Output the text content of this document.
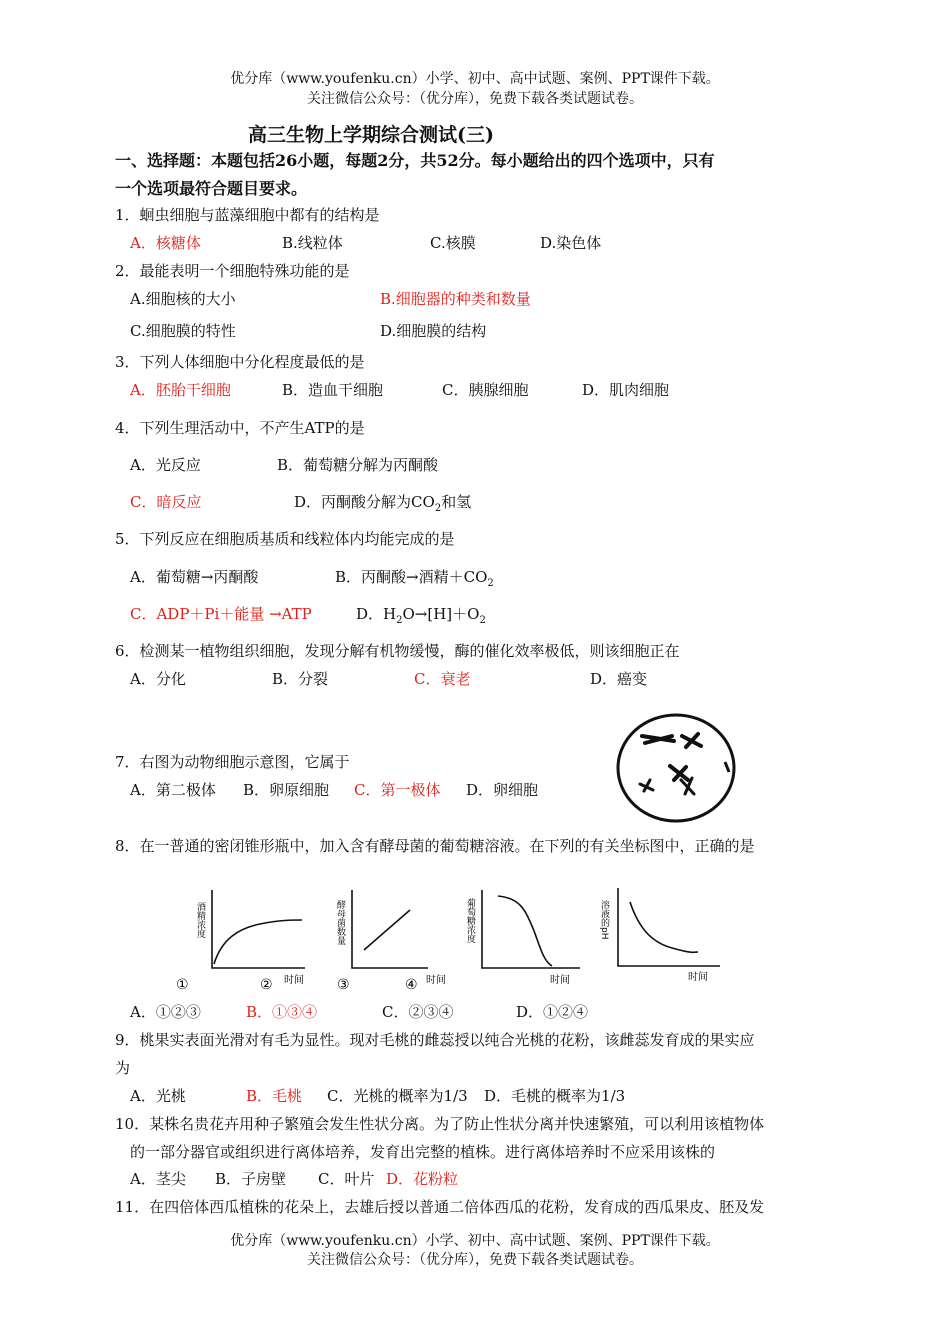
优分库（www.youfenku.cn）小学、初中、高中试题、案例、PPT课件下载。
关注微信公众号：（优分库），免费下载各类试题试卷。
高三生物上学期综合测试(三)
一、选择题：本题包括26小题，每题2分，共52分。每小题给出的四个选项中，只有
一个选项最符合题目要求。
1．蛔虫细胞与蓝藻细胞中都有的结构是
A．核糖体	B.线粒体	C.核膜	D.染色体
2．最能表明一个细胞特殊功能的是
A.细胞核的大小	B.细胞器的种类和数量
C.细胞膜的特性	D.细胞膜的结构
3．下列人体细胞中分化程度最低的是
A．胚胎干细胞	B．造血干细胞	C．胰腺细胞	D．肌肉细胞
4．下列生理活动中，不产生ATP的是
A．光反应	B．葡萄糖分解为丙酮酸
C．暗反应	D．丙酮酸分解为$CO_2$和氢
5．下列反应在细胞质基质和线粒体内均能完成的是
A．葡萄糖→丙酮酸	B．丙酮酸→酒精$+CO_2$
C．ADP＋Pi＋能量 →ATP	D．$H_2O\to[H]+O_2$
6．检测某一植物组织细胞，发现分解有机物缓慢，酶的催化效率极低，则该细胞正在
A．分化	B．分裂	C．衰老	D．癌变
7．右图为动物细胞示意图，它属于
A．第二极体 B．卵原细胞 C．第一极体 D．卵细胞
8．在一普通的密闭锥形瓶中，加入含有酵母菌的葡萄糖溶液。在下列的有关坐标图中，正确的是
酒精浓度
①
酵母菌数量
② 时间 ③	④
葡萄糖浓度
时间	时间
溶液的pH
时间
A．①②③	B．①③④	C．②③④	D．①②④
9．桃果实表面光滑对有毛为显性。现对毛桃的雌蕊授以纯合光桃的花粉，该雌蕊发育成的果实应
为
A．光桃	B．毛桃 C．光桃的概率为1/3 D．毛桃的概率为1/3
10．某株名贵花卉用种子繁殖会发生性状分离。为了防止性状分离并快速繁殖，可以利用该植物体
的一部分器官或组织进行离体培养，发育出完整的植株。进行离体培养时不应采用该株的
A．茎尖 B．子房壁 C．叶片 D．花粉粒
11．在四倍体西瓜植株的花朵上，去雄后授以普通二倍体西瓜的花粉，发育成的西瓜果皮、胚及发
优分库（www.youfenku.cn）小学、初中、高中试题、案例、PPT课件下载。
关注微信公众号：（优分库），免费下载各类试题试卷。
